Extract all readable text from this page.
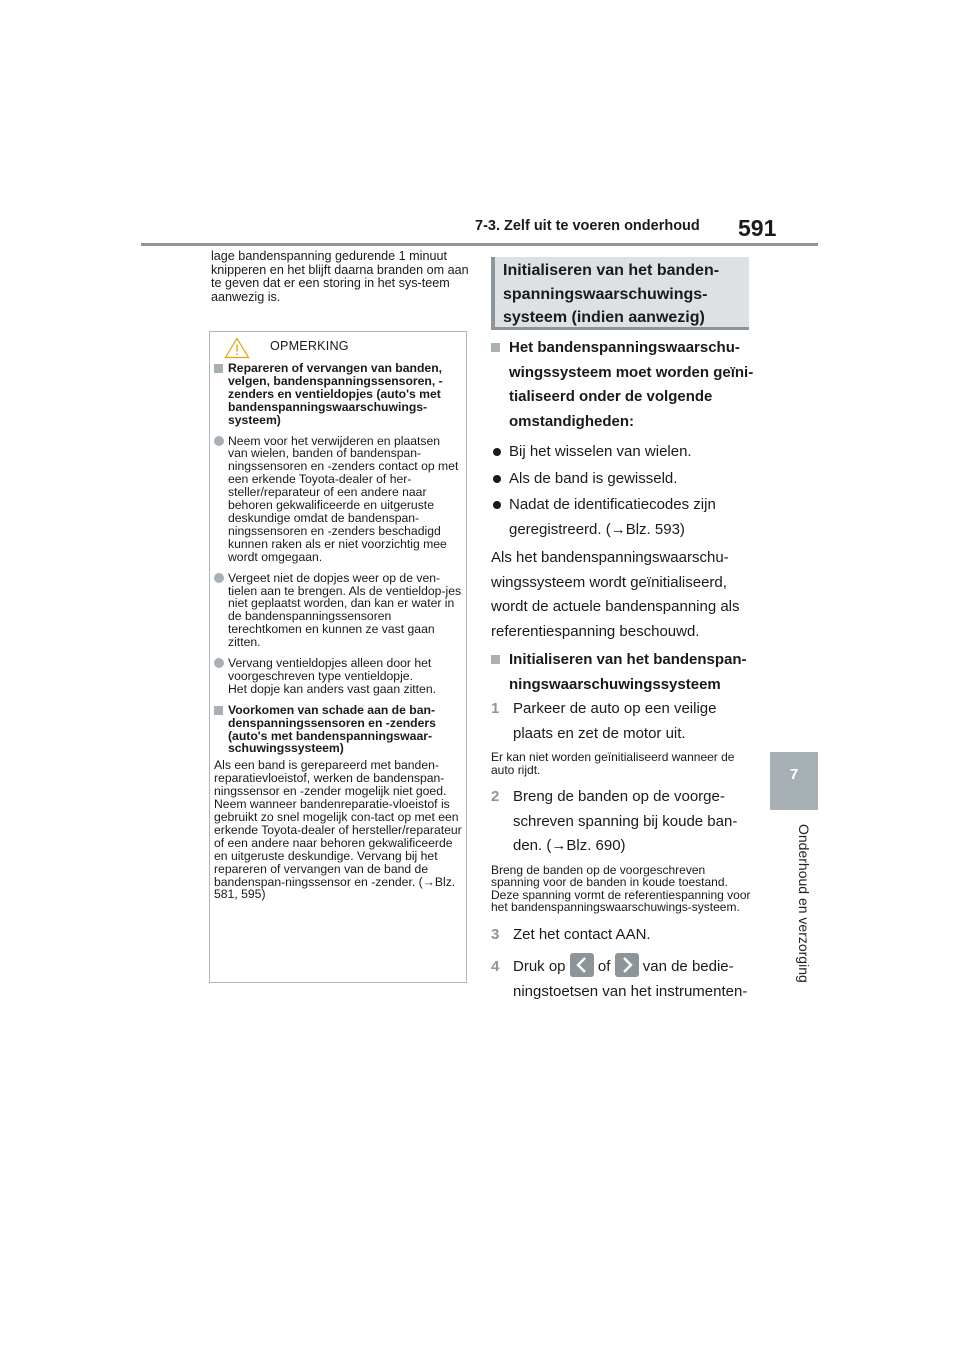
7-3. Zelf uit te voeren onderhoud 591
7
Onderhoud en verzorging
lage bandenspanning gedurende 1 minuut knipperen en het blijft daarna branden om aan te geven dat er een storing in het sys-teem aanwezig is.
OPMERKING
Repareren of vervangen van banden, velgen, bandenspanningssensoren, -zenders en ventieldopjes (auto's met bandenspanningswaarschuwings-systeem)
Neem voor het verwijderen en plaatsen van wielen, banden of bandenspan-ningssensoren en -zenders contact op met een erkende Toyota-dealer of her-steller/reparateur of een andere naar behoren gekwalificeerde en uitgeruste deskundige omdat de bandenspan-ningssensoren en -zenders beschadigd kunnen raken als er niet voorzichtig mee wordt omgegaan.
Vergeet niet de dopjes weer op de ven-tielen aan te brengen. Als de ventieldop-jes niet geplaatst worden, dan kan er water in de bandenspanningssensoren terechtkomen en kunnen ze vast gaan zitten.
Vervang ventieldopjes alleen door het voorgeschreven type ventieldopje.
Het dopje kan anders vast gaan zitten.
Voorkomen van schade aan de ban-denspanningssensoren en -zenders (auto's met bandenspanningswaar-schuwingssysteem)
Als een band is gerepareerd met banden-reparatievloeistof, werken de bandenspan-ningssensor en -zender mogelijk niet goed. Neem wanneer bandenreparatie-vloeistof is gebruikt zo snel mogelijk con-tact op met een erkende Toyota-dealer of hersteller/reparateur of een andere naar behoren gekwalificeerde en uitgeruste deskundige. Vervang bij het repareren of vervangen van de band de bandenspan-ningssensor en -zender. (→Blz. 581, 595)
Initialiseren van het banden-spanningswaarschuwings-systeem (indien aanwezig)
Het bandenspanningswaarschu-wingssysteem moet worden geïni-tialiseerd onder de volgende omstandigheden:
Bij het wisselen van wielen.
Als de band is gewisseld.
Nadat de identificatiecodes zijn geregistreerd. (→Blz. 593)
Als het bandenspanningswaarschu-wingssysteem wordt geïnitialiseerd, wordt de actuele bandenspanning als referentiespanning beschouwd.
Initialiseren van het bandenspan-ningswaarschuwingssysteem
1 Parkeer de auto op een veilige plaats en zet de motor uit.
Er kan niet worden geïnitialiseerd wanneer de auto rijdt.
2 Breng de banden op de voorge-schreven spanning bij koude ban-den. (→Blz. 690)
Breng de banden op de voorgeschreven spanning voor de banden in koude toestand. Deze spanning vormt de referentiespanning voor het bandenspanningswaarschuwings-systeem.
3 Zet het contact AAN.
4 Druk op of van de bedie-ningstoetsen van het instrumenten-
